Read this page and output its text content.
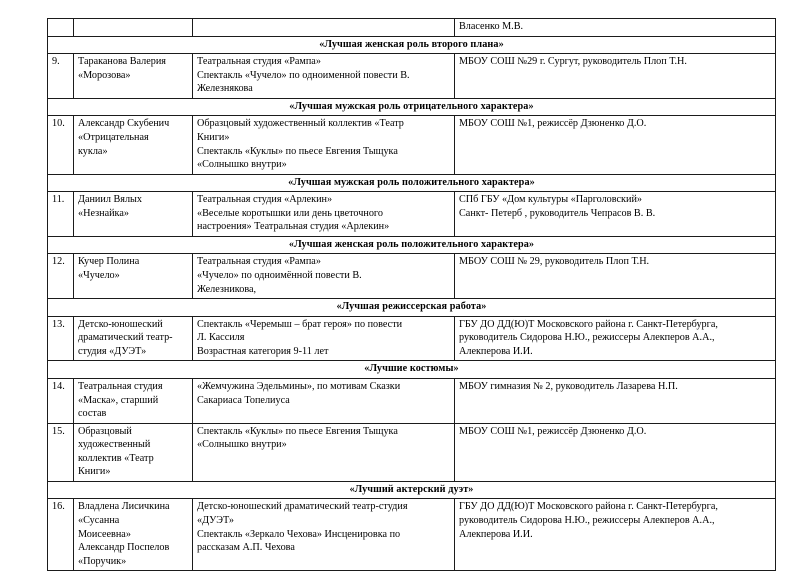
			Власенко М.В.

«Лучшая женская роль второго плана»			
9.	Тараканова Валерия
«Морозова»	Театральная студия «Рампа»
Спектакль «Чучело» по одноименной повести В.
Железнякова	МБОУ СОШ №29 г. Сургут, руководитель Плоп Т.Н.

«Лучшая мужская роль отрицательного характера»			
10.	Александр Скубенич
«Отрицательная
кукла»	Образцовый художественный коллектив «Театр
Книги»
Спектакль «Куклы» по пьесе Евгения Тыщука
«Солнышко внутри»	МБОУ СОШ №1, режиссёр Дзюненко Д.О.

«Лучшая мужская роль положительного характера»			
11.	Даниил Вялых
«Незнайка»	Театральная студия «Арлекин»
«Веселые коротышки или день цветочного
настроения» Театральная студия «Арлекин»	СПб ГБУ «Дом культуры «Парголовский»
Санкт- Петерб , руководитель Чепрасов В. В.

«Лучшая женская роль положительного характера»			
12.	Кучер Полина
«Чучело»	Театральная студия «Рампа»
«Чучело» по одноимённой повести В.
Железникова,	МБОУ СОШ № 29, руководитель Плоп Т.Н.

«Лучшая режиссерская работа»			
13.	Детско-юношеский
драматический театр-
студия «ДУЭТ»	Спектакль «Черемыш – брат героя» по повести
Л. Кассиля
Возрастная категория 9-11 лет	ГБУ ДО ДД(Ю)Т Московского района г. Санкт-Петербурга,
руководитель Сидорова Н.Ю., режиссеры Алекперов А.А.,
Алекперова И.И.

«Лучшие костюмы»			
14.	Театральная студия
«Маска», старший
состав	«Жемчужина Эдельмины», по мотивам Сказки
Сакариаса Топелиуса	МБОУ гимназия № 2, руководитель Лазарева Н.П.

15.	Образцовый
художественный
коллектив «Театр
Книги»	Спектакль «Куклы» по пьесе Евгения Тыщука
«Солнышко внутри»	МБОУ СОШ №1, режиссёр Дзюненко Д.О.

«Лучший актерский дуэт»			
16.	Владлена Лисичкина
«Сусанна
Моисеевна»
Александр Поспелов
«Поручик»	Детско-юношеский драматический театр-студия
«ДУЭТ»
Спектакль «Зеркало Чехова» Инсценировка по
рассказам А.П. Чехова	ГБУ ДО ДД(Ю)Т Московского района г. Санкт-Петербурга,
руководитель Сидорова Н.Ю., режиссеры Алекперов А.А.,
Алекперова И.И.
